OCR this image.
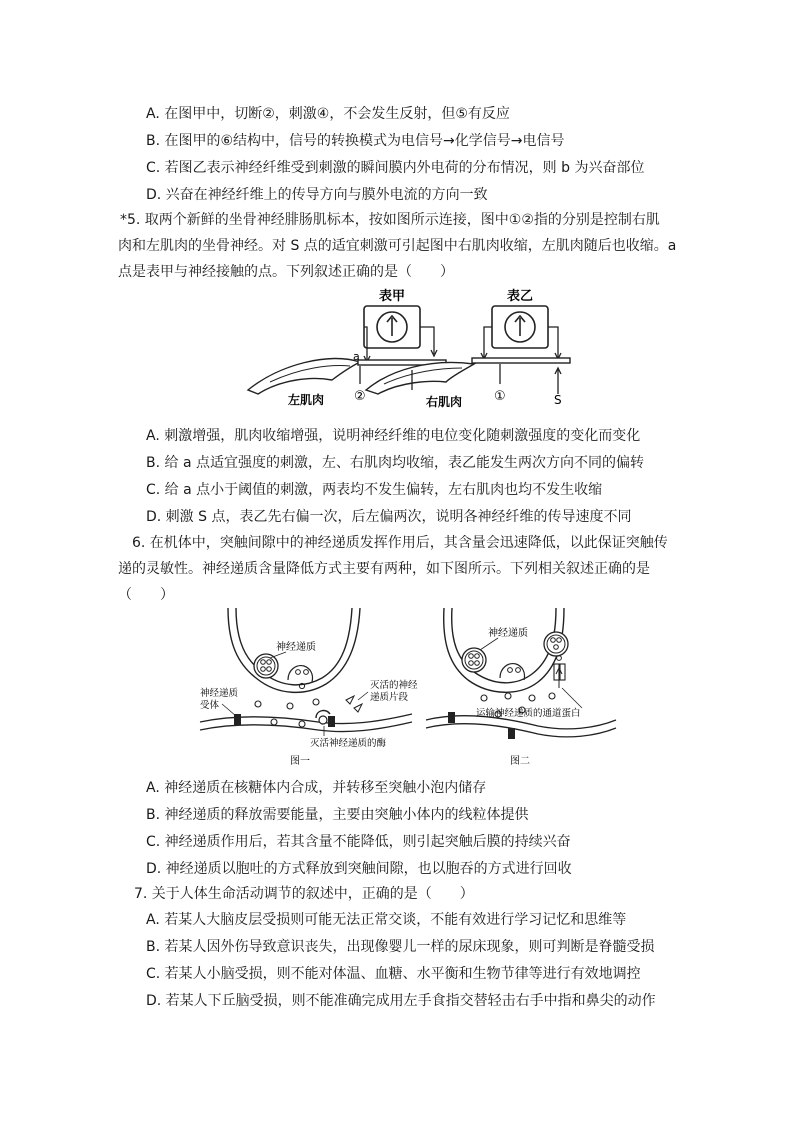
A. 在图甲中，切断②，刺激④，不会发生反射，但⑤有反应
B. 在图甲的⑥结构中，信号的转换模式为电信号→化学信号→电信号
C. 若图乙表示神经纤维受到刺激的瞬间膜内外电荷的分布情况，则 b 为兴奋部位
D. 兴奋在神经纤维上的传导方向与膜外电流的方向一致
*5. 取两个新鲜的坐骨神经腓肠肌标本，按如图所示连接，图中①②指的分别是控制右肌
肉和左肌肉的坐骨神经。对 S 点的适宜刺激可引起图中右肌肉收缩，左肌肉随后也收缩。a
点是表甲与神经接触的点。下列叙述正确的是（　　）
表甲	表乙
a
左肌肉 ②	右肌肉 ①	S
A. 刺激增强，肌肉收缩增强，说明神经纤维的电位变化随刺激强度的变化而变化
B. 给 a 点适宜强度的刺激，左、右肌肉均收缩，表乙能发生两次方向不同的偏转
C. 给 a 点小于阈值的刺激，两表均不发生偏转，左右肌肉也均不发生收缩
D. 刺激 S 点，表乙先右偏一次，后左偏两次，说明各神经纤维的传导速度不同
6. 在机体中，突触间隙中的神经递质发挥作用后，其含量会迅速降低，以此保证突触传
递的灵敏性。神经递质含量降低方式主要有两种，如下图所示。下列相关叙述正确的是
（　　）
神经递质
神经递质
受体
灭活的神经
递质片段
灭活神经递质的酶
图一
神经递质
运输神经递质的通道蛋白
图二
A. 神经递质在核糖体内合成，并转移至突触小泡内储存
B. 神经递质的释放需要能量，主要由突触小体内的线粒体提供
C. 神经递质作用后，若其含量不能降低，则引起突触后膜的持续兴奋
D. 神经递质以胞吐的方式释放到突触间隙，也以胞吞的方式进行回收
7. 关于人体生命活动调节的叙述中，正确的是（　　）
A. 若某人大脑皮层受损则可能无法正常交谈，不能有效进行学习记忆和思维等
B. 若某人因外伤导致意识丧失，出现像婴儿一样的尿床现象，则可判断是脊髓受损
C. 若某人小脑受损，则不能对体温、血糖、水平衡和生物节律等进行有效地调控
D. 若某人下丘脑受损，则不能准确完成用左手食指交替轻击右手中指和鼻尖的动作
